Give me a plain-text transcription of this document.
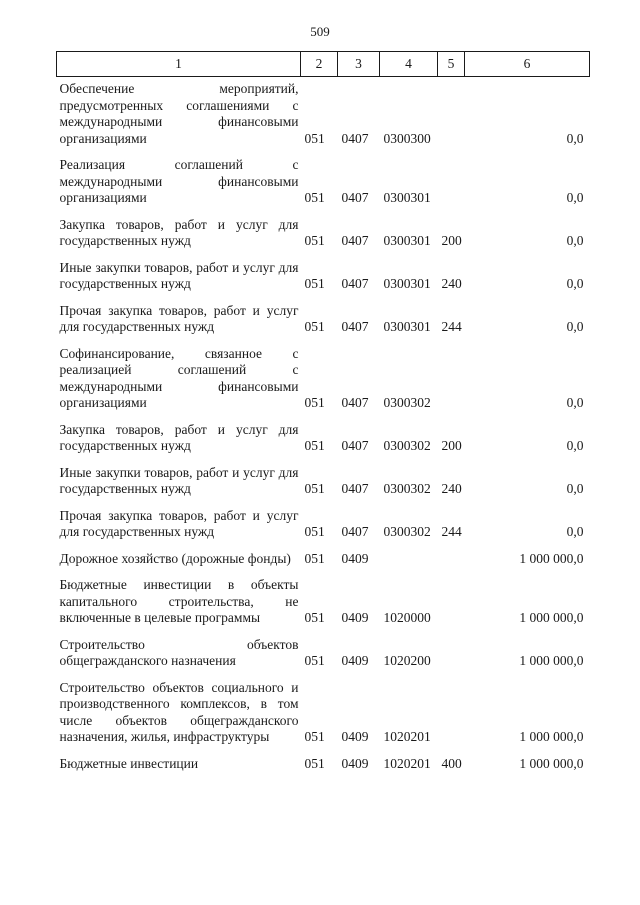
509
1	2	3	4	5	6
Обеспечение мероприятий, предусмотренных соглашениями с международными финансовыми организациями	051	0407	0300300		0,0
Реализация соглашений с международными финансовыми организациями	051	0407	0300301		0,0
Закупка товаров, работ и услуг для государственных нужд	051	0407	0300301	200	0,0
Иные закупки товаров, работ и услуг для государственных нужд	051	0407	0300301	240	0,0
Прочая закупка товаров, работ и услуг для государственных нужд	051	0407	0300301	244	0,0
Софинансирование, связанное с реализацией соглашений с международными финансовыми организациями	051	0407	0300302		0,0
Закупка товаров, работ и услуг для государственных нужд	051	0407	0300302	200	0,0
Иные закупки товаров, работ и услуг для государственных нужд	051	0407	0300302	240	0,0
Прочая закупка товаров, работ и услуг для государственных нужд	051	0407	0300302	244	0,0
Дорожное хозяйство (дорожные фонды)	051	0409			1 000 000,0
Бюджетные инвестиции в объекты капитального строительства, не включенные в целевые программы	051	0409	1020000		1 000 000,0
Строительство объектов общегражданского назначения	051	0409	1020200		1 000 000,0
Строительство объектов социального и производственного комплексов, в том числе объектов общегражданского назначения, жилья, инфраструктуры	051	0409	1020201		1 000 000,0
Бюджетные инвестиции	051	0409	1020201	400	1 000 000,0
